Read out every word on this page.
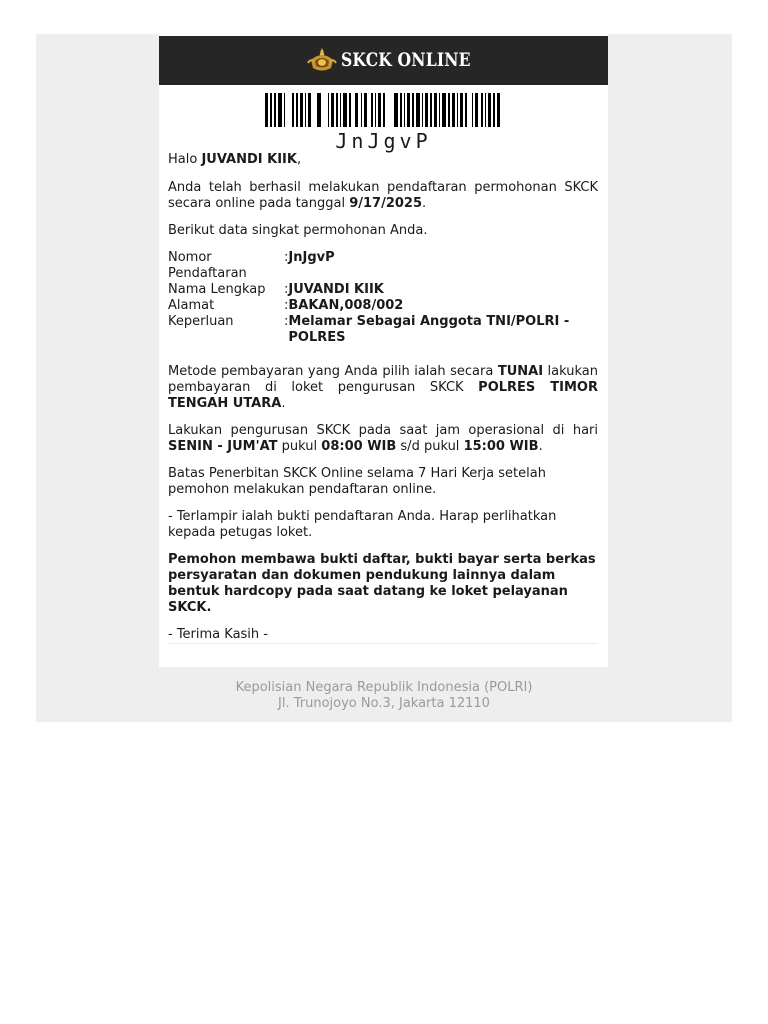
SKCK ONLINE
JnJgvP

Halo JUVANDI KIIK,

Anda telah berhasil melakukan pendaftaran permohonan SKCK secara online pada tanggal 9/17/2025.

Berikut data singkat permohonan Anda.

Nomor Pendaftaran	:	JnJgvP
Nama Lengkap	:	JUVANDI KIIK
Alamat	:	BAKAN,008/002
Keperluan	:	Melamar Sebagai Anggota TNI/POLRI - POLRES

Metode pembayaran yang Anda pilih ialah secara TUNAI lakukan pembayaran di loket pengurusan SKCK POLRES TIMOR TENGAH UTARA.

Lakukan pengurusan SKCK pada saat jam operasional di hari SENIN - JUM'AT pukul 08:00 WIB s/d pukul 15:00 WIB.

Batas Penerbitan SKCK Online selama 7 Hari Kerja setelah pemohon melakukan pendaftaran online.

- Terlampir ialah bukti pendaftaran Anda. Harap perlihatkan kepada petugas loket.

Pemohon membawa bukti daftar, bukti bayar serta berkas persyaratan dan dokumen pendukung lainnya dalam bentuk hardcopy pada saat datang ke loket pelayanan SKCK.

- Terima Kasih -

Kepolisian Negara Republik Indonesia (POLRI)
Jl. Trunojoyo No.3, Jakarta 12110
